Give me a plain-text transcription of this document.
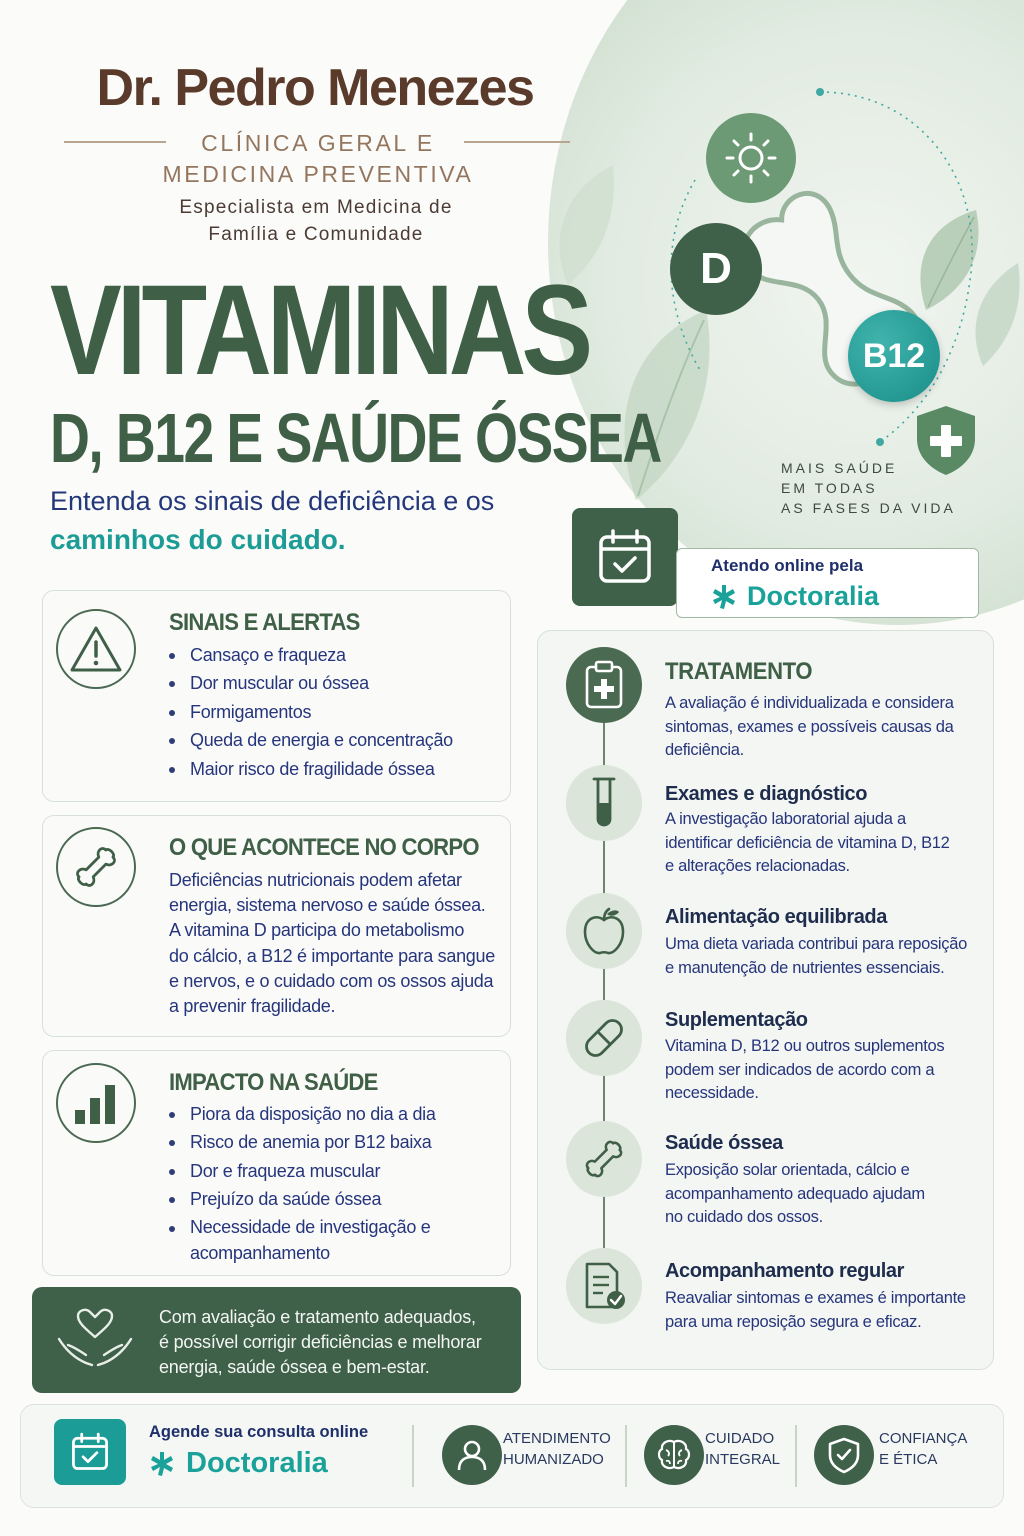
Dr. Pedro Menezes
CLÍNICA GERAL E
MEDICINA PREVENTIVA
Especialista em Medicina de
Família e Comunidade
VITAMINAS
D, B12 E SAÚDE ÓSSEA
Entenda os sinais de deficiência e os
caminhos do cuidado.
D
B12
MAIS SAÚDE
EM TODAS
AS FASES DA VIDA
Atendo online pela
Doctoralia
SINAIS E ALERTAS
Cansaço e fraqueza
Dor muscular ou óssea
Formigamentos
Queda de energia e concentração
Maior risco de fragilidade óssea
O QUE ACONTECE NO CORPO
Deficiências nutricionais podem afetar
energia, sistema nervoso e saúde óssea.
A vitamina D participa do metabolismo
do cálcio, a B12 é importante para sangue
e nervos, e o cuidado com os ossos ajuda
a prevenir fragilidade.
IMPACTO NA SAÚDE
Piora da disposição no dia a dia
Risco de anemia por B12 baixa
Dor e fraqueza muscular
Prejuízo da saúde óssea
Necessidade de investigação e
acompanhamento
Com avaliação e tratamento adequados,
é possível corrigir deficiências e melhorar
energia, saúde óssea e bem-estar.
TRATAMENTO
A avaliação é individualizada e considera
sintomas, exames e possíveis causas da
deficiência.
Exames e diagnóstico
A investigação laboratorial ajuda a
identificar deficiência de vitamina D, B12
e alterações relacionadas.
Alimentação equilibrada
Uma dieta variada contribui para reposição
e manutenção de nutrientes essenciais.
Suplementação
Vitamina D, B12 ou outros suplementos
podem ser indicados de acordo com a
necessidade.
Saúde óssea
Exposição solar orientada, cálcio e
acompanhamento adequado ajudam
no cuidado dos ossos.
Acompanhamento regular
Reavaliar sintomas e exames é importante
para uma reposição segura e eficaz.
Agende sua consulta online
Doctoralia
ATENDIMENTO
HUMANIZADO
CUIDADO
INTEGRAL
CONFIANÇA
E ÉTICA
